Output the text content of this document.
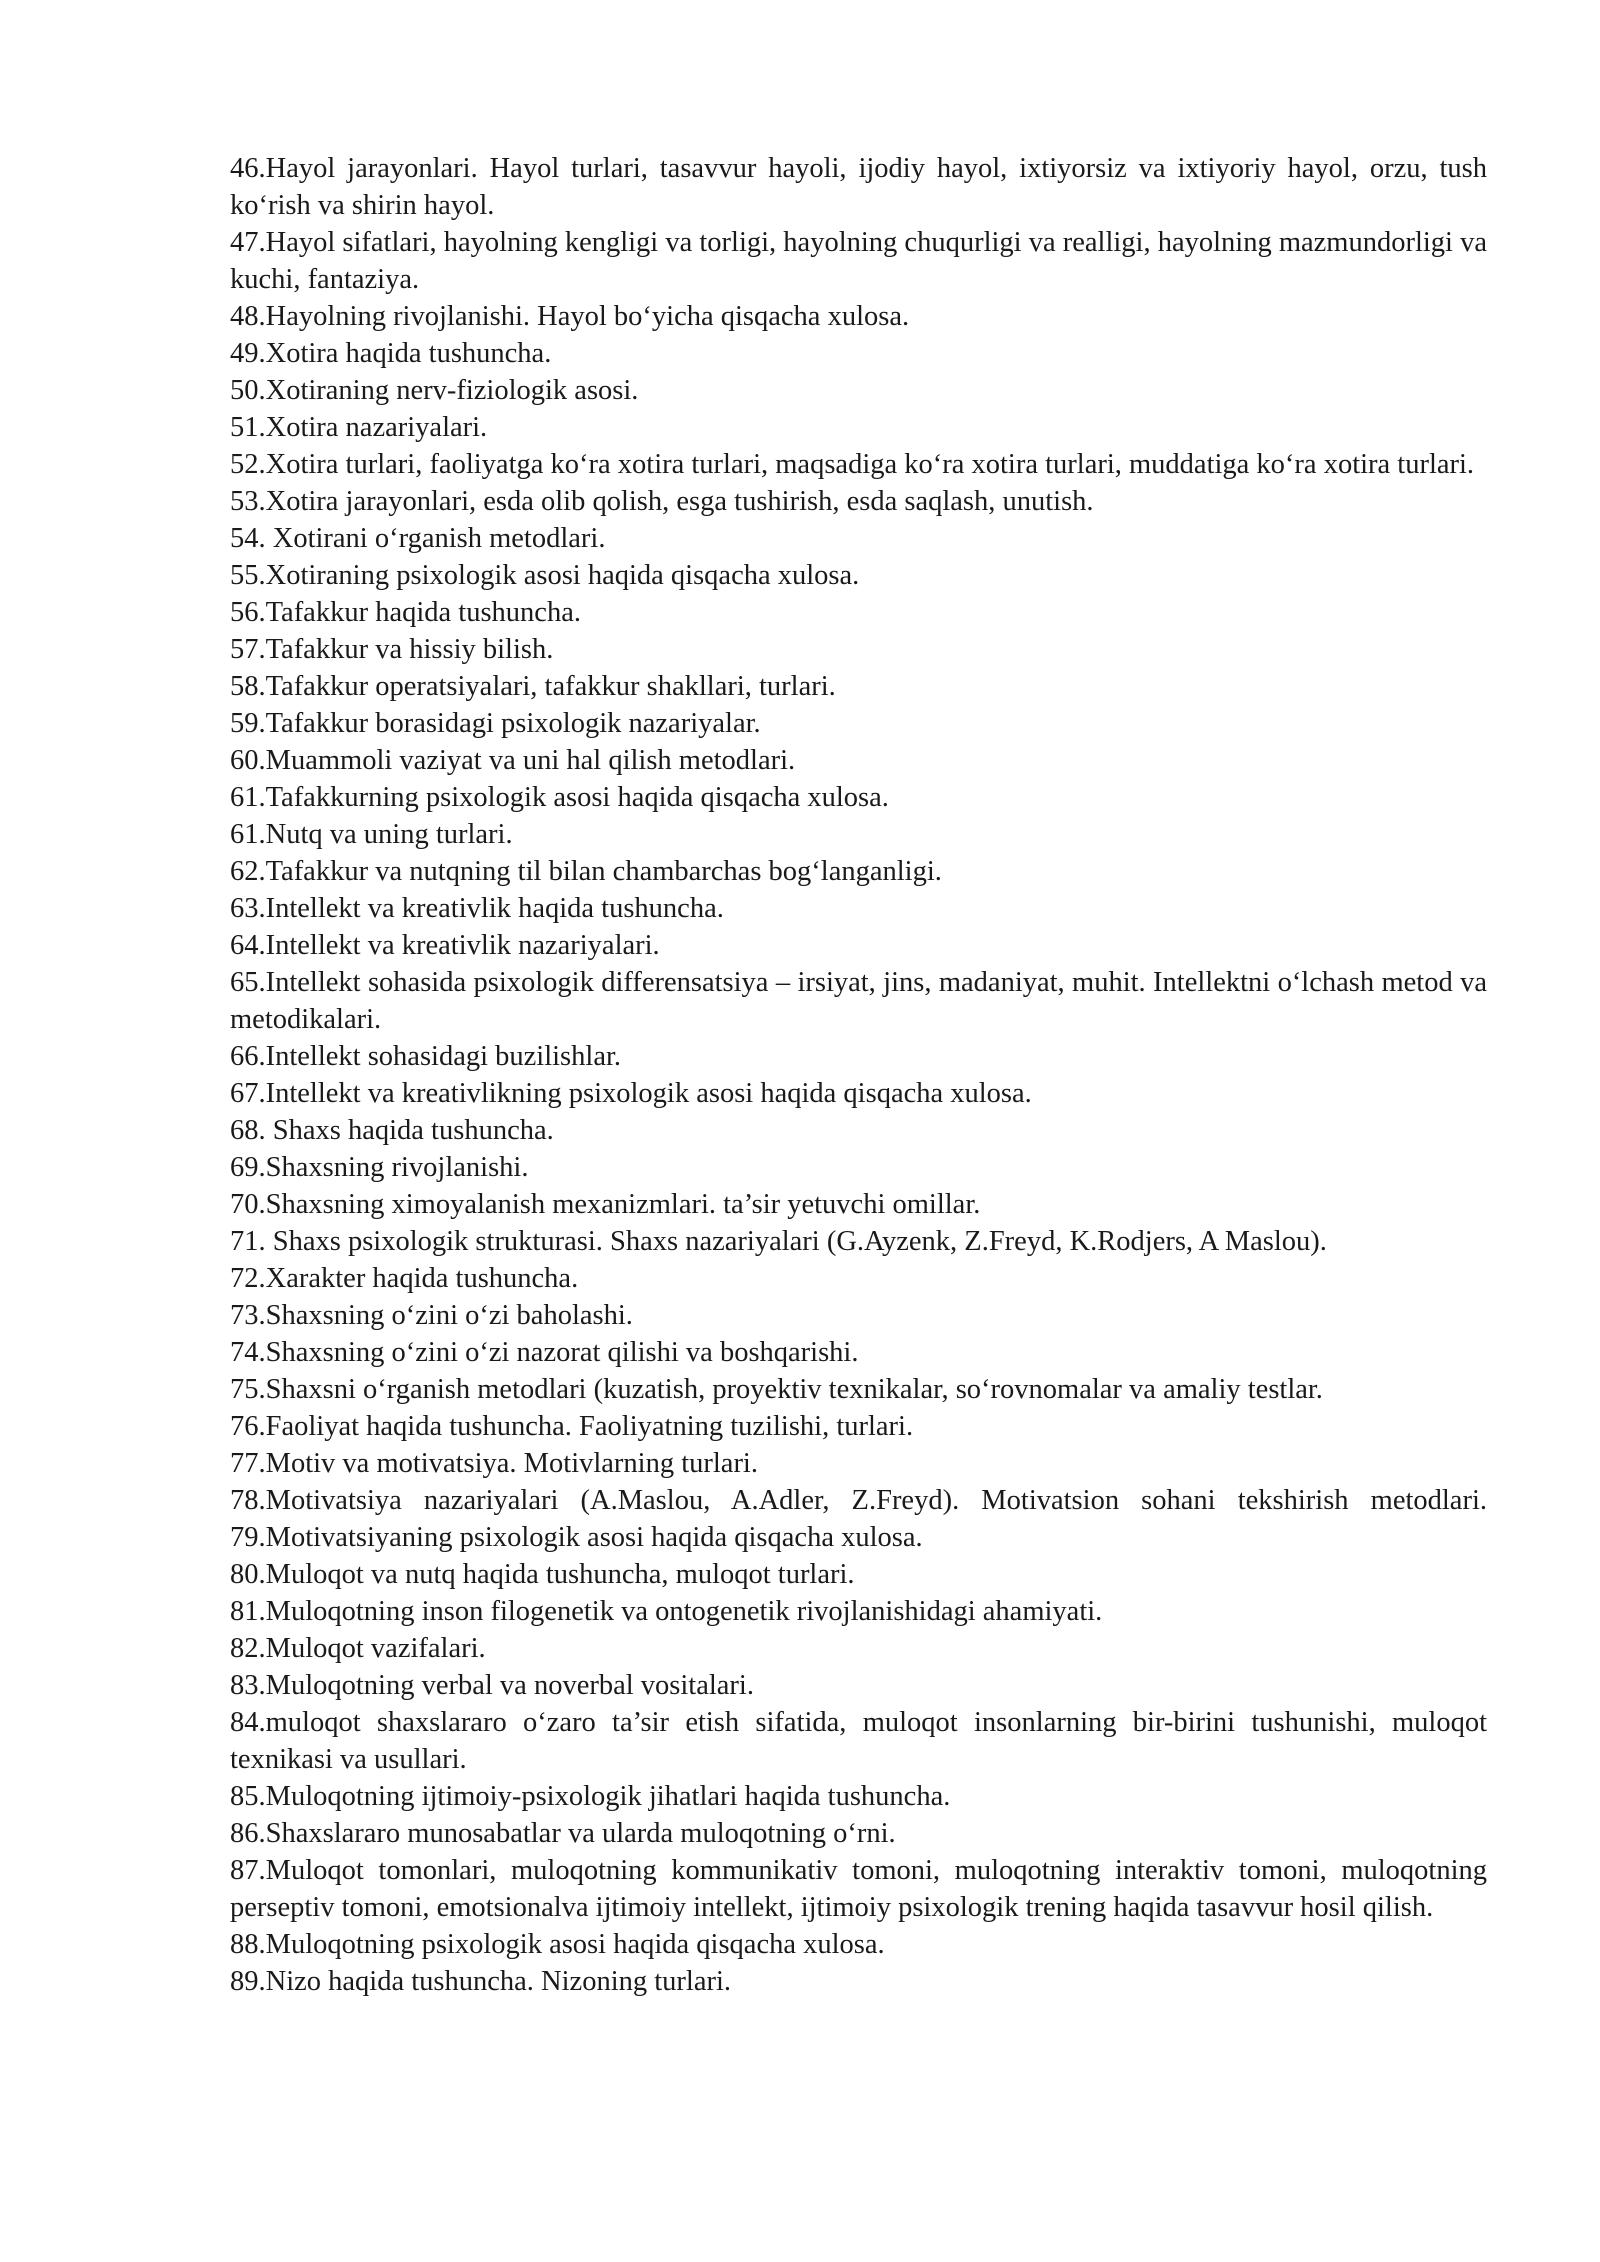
46.Hayol jarayonlari. Hayol turlari, tasavvur hayoli, ijodiy hayol, ixtiyorsiz va ixtiyoriy hayol, orzu, tush ko‘rish va shirin hayol.

47.Hayol sifatlari, hayolning kengligi va torligi, hayolning chuqurligi va realligi, hayolning mazmundorligi va kuchi, fantaziya.

48.Hayolning rivojlanishi. Hayol bo‘yicha qisqacha xulosa.

49.Xotira haqida tushuncha.

50.Xotiraning nerv-fiziologik asosi.

51.Xotira nazariyalari.

52.Xotira turlari, faoliyatga ko‘ra xotira turlari, maqsadiga ko‘ra xotira turlari, muddatiga ko‘ra xotira turlari.

53.Xotira jarayonlari, esda olib qolish, esga tushirish, esda saqlash, unutish.

54. Xotirani o‘rganish metodlari.

55.Xotiraning psixologik asosi haqida qisqacha xulosa.

56.Tafakkur haqida tushuncha.

57.Tafakkur va hissiy bilish.

58.Tafakkur operatsiyalari, tafakkur shakllari, turlari.

59.Tafakkur borasidagi psixologik nazariyalar.

60.Muammoli vaziyat va uni hal qilish metodlari.

61.Tafakkurning psixologik asosi haqida qisqacha xulosa.

61.Nutq va uning turlari.

62.Tafakkur va nutqning til bilan chambarchas bog‘langanligi.

63.Intellekt va kreativlik haqida tushuncha.

64.Intellekt va kreativlik nazariyalari.

65.Intellekt sohasida psixologik differensatsiya – irsiyat, jins, madaniyat, muhit. Intellektni o‘lchash metod va metodikalari.

66.Intellekt sohasidagi buzilishlar.

67.Intellekt va kreativlikning psixologik asosi haqida qisqacha xulosa.

68. Shaxs haqida tushuncha.

69.Shaxsning rivojlanishi.

70.Shaxsning ximoyalanish mexanizmlari. ta’sir yetuvchi omillar.

71. Shaxs psixologik strukturasi. Shaxs nazariyalari (G.Ayzenk, Z.Freyd, K.Rodjers, A Maslou).

72.Xarakter haqida tushuncha.

73.Shaxsning o‘zini o‘zi baholashi.

74.Shaxsning o‘zini o‘zi nazorat qilishi va boshqarishi.

75.Shaxsni o‘rganish metodlari (kuzatish, proyektiv texnikalar, so‘rovnomalar va amaliy testlar.

76.Faoliyat haqida tushuncha. Faoliyatning tuzilishi, turlari.

77.Motiv va motivatsiya. Motivlarning turlari.

78.Motivatsiya nazariyalari (A.Maslou, A.Adler, Z.Freyd). Motivatsion sohani tekshirish metodlari. 79.Motivatsiyaning psixologik asosi haqida qisqacha xulosa.

80.Muloqot va nutq haqida tushuncha, muloqot turlari.

81.Muloqotning inson filogenetik va ontogenetik rivojlanishidagi ahamiyati.

82.Muloqot vazifalari.

83.Muloqotning verbal va noverbal vositalari.

84.muloqot shaxslararo o‘zaro ta’sir etish sifatida, muloqot insonlarning bir-birini tushunishi, muloqot texnikasi va usullari.

85.Muloqotning ijtimoiy-psixologik jihatlari haqida tushuncha.

86.Shaxslararo munosabatlar va ularda muloqotning o‘rni.

87.Muloqot tomonlari, muloqotning kommunikativ tomoni, muloqotning interaktiv tomoni, muloqotning perseptiv tomoni, emotsionalva ijtimoiy intellekt, ijtimoiy psixologik trening haqida tasavvur hosil qilish.

88.Muloqotning psixologik asosi haqida qisqacha xulosa.

89.Nizo haqida tushuncha. Nizoning turlari.
